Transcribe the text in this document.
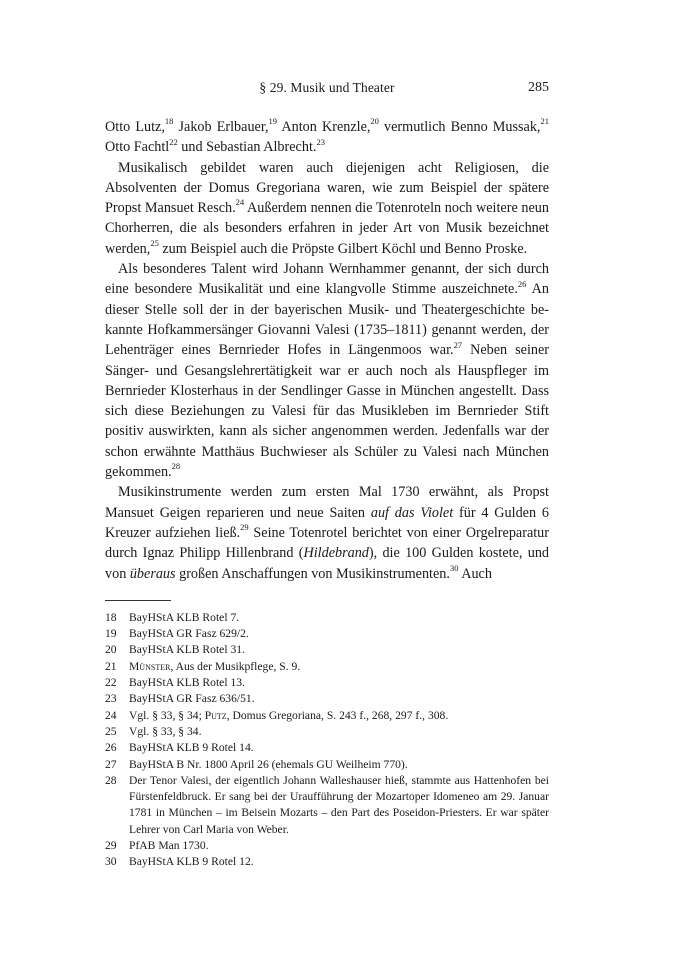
§ 29. Musik und Theater	285

Otto Lutz,$^{18}$ Jakob Erlbauer,$^{19}$ Anton Krenzle,$^{20}$ vermutlich Benno Mussak,$^{21}$ Otto Fachtl$^{22}$ und Sebastian Albrecht.$^{23}$

Musikalisch gebildet waren auch diejenigen acht Religiosen, die Absolventen der Domus Gregoriana waren, wie zum Beispiel der spätere Propst Mansuet Resch.$^{24}$ Außerdem nennen die Totenroteln noch weitere neun Chorherren, die als besonders erfahren in jeder Art von Musik bezeichnet werden,$^{25}$ zum Beispiel auch die Pröpste Gilbert Köchl und Benno Proske.

Als besonderes Talent wird Johann Wernhammer genannt, der sich durch eine besondere Musikalität und eine klangvolle Stimme auszeichnete.$^{26}$ An dieser Stelle soll der in der bayerischen Musik- und Theatergeschichte bekannte Hofkammersänger Giovanni Valesi (1735–1811) genannt werden, der Lehenträger eines Bernrieder Hofes in Längenmoos war.$^{27}$ Neben seiner Sänger- und Gesangslehrertätigkeit war er auch noch als Hauspfleger im Bernrieder Klosterhaus in der Sendlinger Gasse in München angestellt. Dass sich diese Beziehungen zu Valesi für das Musikleben im Bernrieder Stift positiv auswirkten, kann als sicher angenommen werden. Jedenfalls war der schon erwähnte Matthäus Buchwieser als Schüler zu Valesi nach München gekommen.$^{28}$

Musikinstrumente werden zum ersten Mal 1730 erwähnt, als Propst Mansuet Geigen reparieren und neue Saiten auf das Violet für 4 Gulden 6 Kreuzer aufziehen ließ.$^{29}$ Seine Totenrotel berichtet von einer Orgelreparatur durch Ignaz Philipp Hillenbrand (Hildebrand), die 100 Gulden kostete, und von überaus großen Anschaffungen von Musikinstrumenten.$^{30}$ Auch

18	BayHStA KLB Rotel 7.
19	BayHStA GR Fasz 629/2.
20	BayHStA KLB Rotel 31.
21	Münster, Aus der Musikpflege, S. 9.
22	BayHStA KLB Rotel 13.
23	BayHStA GR Fasz 636/51.
24	Vgl. § 33, § 34; Putz, Domus Gregoriana, S. 243 f., 268, 297 f., 308.
25	Vgl. § 33, § 34.
26	BayHStA KLB 9 Rotel 14.
27	BayHStA B Nr. 1800 April 26 (ehemals GU Weilheim 770).
28	Der Tenor Valesi, der eigentlich Johann Walleshauser hieß, stammte aus Hattenhofen bei Fürstenfeldbruck. Er sang bei der Uraufführung der Mozartoper Idomeneo am 29. Januar 1781 in München – im Beisein Mozarts – den Part des Poseidon-Priesters. Er war später Lehrer von Carl Maria von Weber.
29	PfAB Man 1730.
30	BayHStA KLB 9 Rotel 12.
